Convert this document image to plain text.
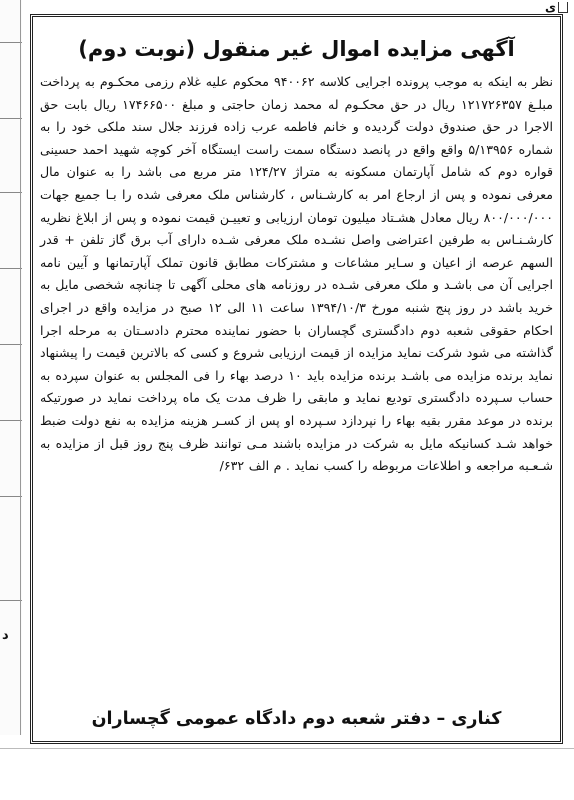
د
ی
آگهی مزایده اموال غیر منقول (نوبت دوم)

نظر به اینکه به موجب پرونده اجرایی کلاسه ۹۴۰۰۶۲ محکوم علیه غلام رزمی محکـوم به پرداخت مبلـغ ۱۲۱۷۲۶۳۵۷ ریال در حق محکـوم له محمد زمان حاجتی و مبلغ ۱۷۴۶۶۵۰۰ ریال بابت حق الاجرا در حق صندوق دولت گردیده و خانم فاطمه عرب زاده فرزند جلال سند ملکی خود را به شماره ۵/۱۳۹۵۶ واقع واقع در پانصد دستگاه سمت راست ایستگاه آخر کوچه شهید احمد حسینی قواره دوم که شامل آپارتمان مسکونه به متراژ ۱۲۴/۲۷ متر مربع می باشد را به عنوان مال معرفی نموده و پس از ارجاع امر به کارشـناس ، کارشناس ملک معرفی شده را بـا جمیع جهات ۸۰۰/۰۰۰/۰۰۰ ریال معادل هشـتاد میلیون تومان ارزیابی و تعییـن قیمت نموده و پس از ابلاغ نظریه کارشـنـاس به طرفین اعتراضی واصل نشـده ملک معرفی شـده دارای آب برق گاز تلفن + قدر السهم عرصه از اعیان و سـایر مشاعات و مشترکات مطابق قانون تملک آپارتمانها و آیین نامه اجرایی آن می باشـد و ملک معرفی شـده در روزنامه های محلی آگهی تا چنانچه شخصی مایل به خرید باشد در روز پنج شنبه مورخ ۱۳۹۴/۱۰/۳ ساعت ۱۱ الی ۱۲ صبح در مزایده واقع در اجرای احکام حقوقی شعبه دوم دادگستری گچساران با حضور نماینده محترم دادسـتان به مرحله اجرا گذاشته می شود شرکت نماید مزایده از قیمت ارزیابی شروع و کسی که بالاترین قیمت را پیشنهاد نماید برنده مزایده می باشـد برنده مزایده باید ۱۰ درصد بهاء را فی المجلس به عنوان سپرده به حساب سـپرده دادگستری تودیع نماید و مابقی را ظرف مدت یک ماه پرداخت نماید در صورتیکه برنده در موعد مقرر بقیه بهاء را نپردازد سـپرده او پس از کسـر هزینه مزایده به نفع دولت ضبط خواهد شـد کسانیکه مایل به شرکت در مزایده باشند مـی توانند ظرف پنج روز قبل از مزایده به شـعـبه مراجعه و اطلاعات مربوطه را کسب نماید . م الف ۶۳۲/

کناری – دفتر شعبه دوم دادگاه عمومی گچساران
